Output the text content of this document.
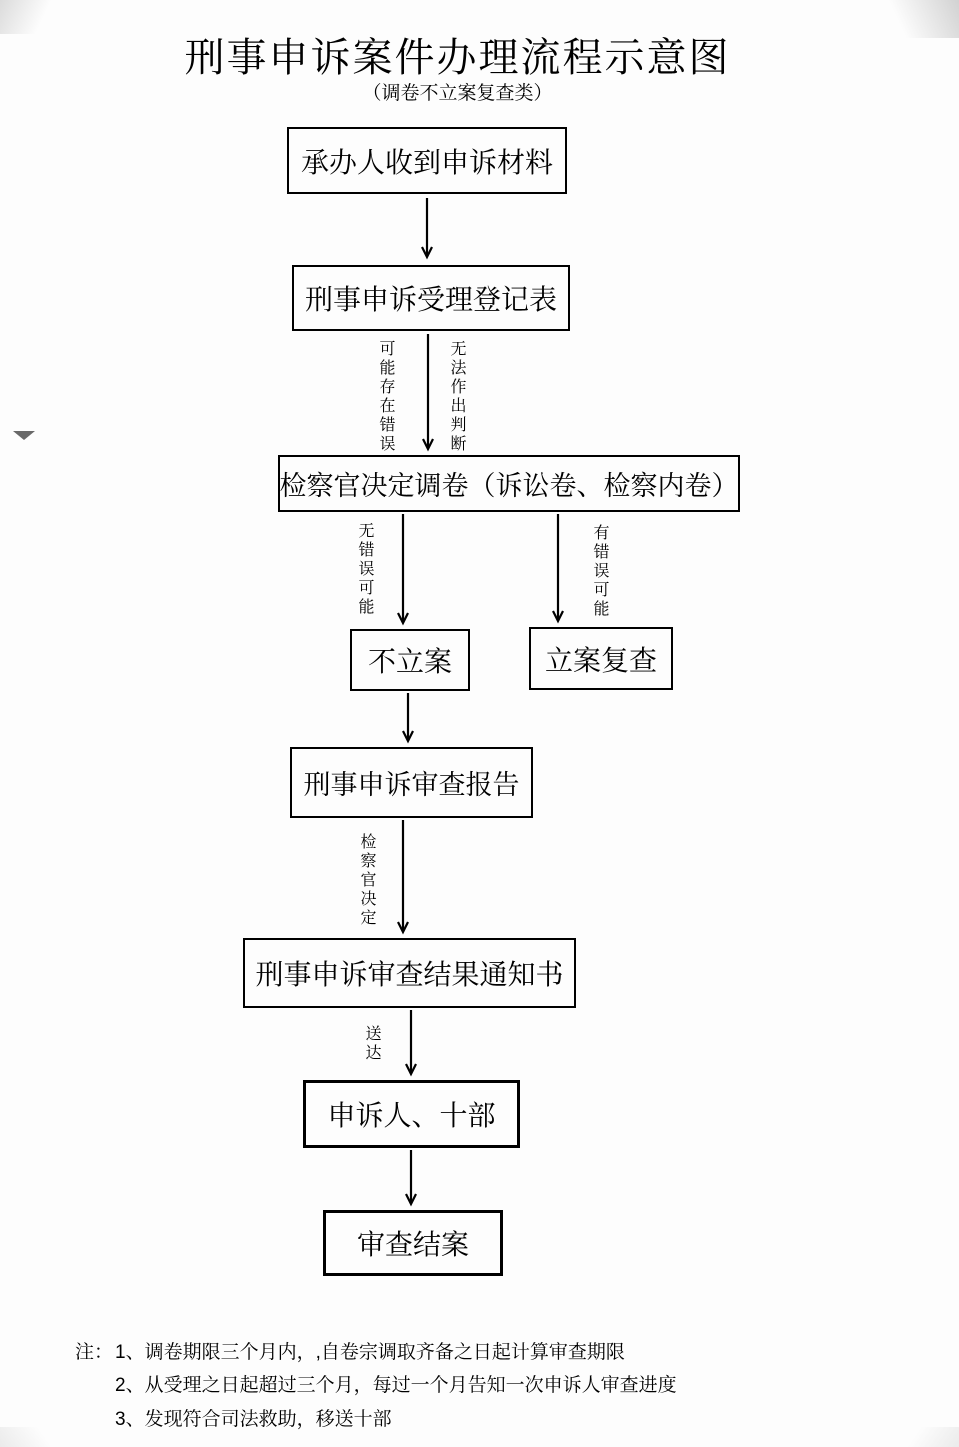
刑事申诉案件办理流程示意图
（调卷不立案复查类）
承办人收到申诉材料
刑事申诉受理登记表
检察官决定调卷（诉讼卷、检察内卷）
不立案	立案复查
刑事申诉审查报告
刑事申诉审查结果通知书
申诉人、十部
审查结案
可能存在错误	无法作出判断
无错误可能	有错误可能
检察官决定
送达
注： 1、调卷期限三个月内，,自卷宗调取齐备之日起计算审查期限
2、从受理之日起超过三个月，每过一个月告知一次申诉人审查进度
3、发现符合司法救助，移送十部
